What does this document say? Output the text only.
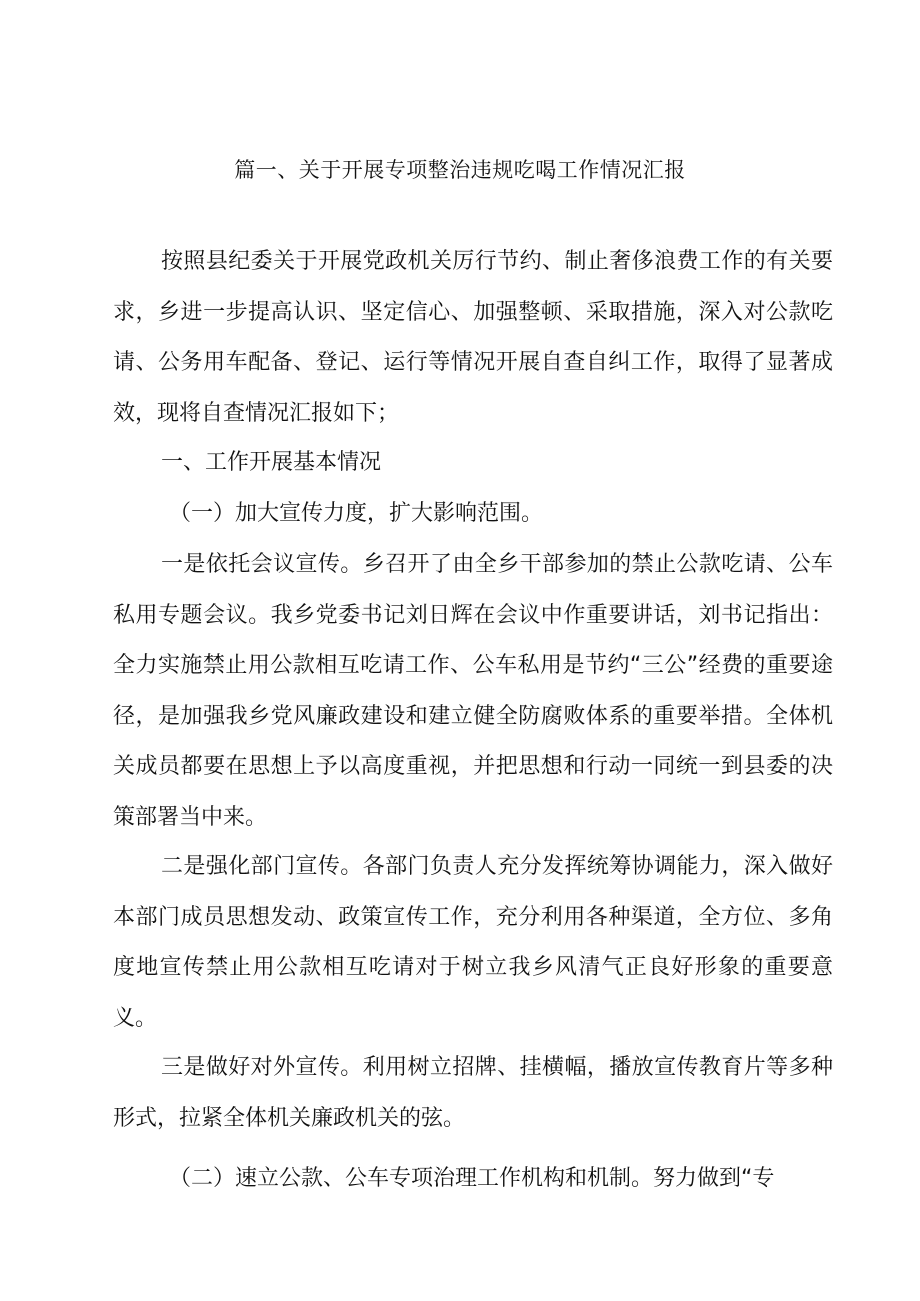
篇一、关于开展专项整治违规吃喝工作情况汇报

按照县纪委关于开展党政机关厉行节约、制止奢侈浪费工作的有关要求，乡进一步提高认识、坚定信心、加强整顿、采取措施，深入对公款吃请、公务用车配备、登记、运行等情况开展自查自纠工作，取得了显著成效，现将自查情况汇报如下；

一、工作开展基本情况

（一）加大宣传力度，扩大影响范围。

一是依托会议宣传。乡召开了由全乡干部参加的禁止公款吃请、公车私用专题会议。我乡党委书记刘日辉在会议中作重要讲话，刘书记指出：全力实施禁止用公款相互吃请工作、公车私用是节约“三公”经费的重要途径，是加强我乡党风廉政建设和建立健全防腐败体系的重要举措。全体机关成员都要在思想上予以高度重视，并把思想和行动一同统一到县委的决策部署当中来。

二是强化部门宣传。各部门负责人充分发挥统筹协调能力，深入做好本部门成员思想发动、政策宣传工作，充分利用各种渠道，全方位、多角度地宣传禁止用公款相互吃请对于树立我乡风清气正良好形象的重要意义。

三是做好对外宣传。利用树立招牌、挂横幅，播放宣传教育片等多种形式，拉紧全体机关廉政机关的弦。

（二）速立公款、公车专项治理工作机构和机制。努力做到“专
